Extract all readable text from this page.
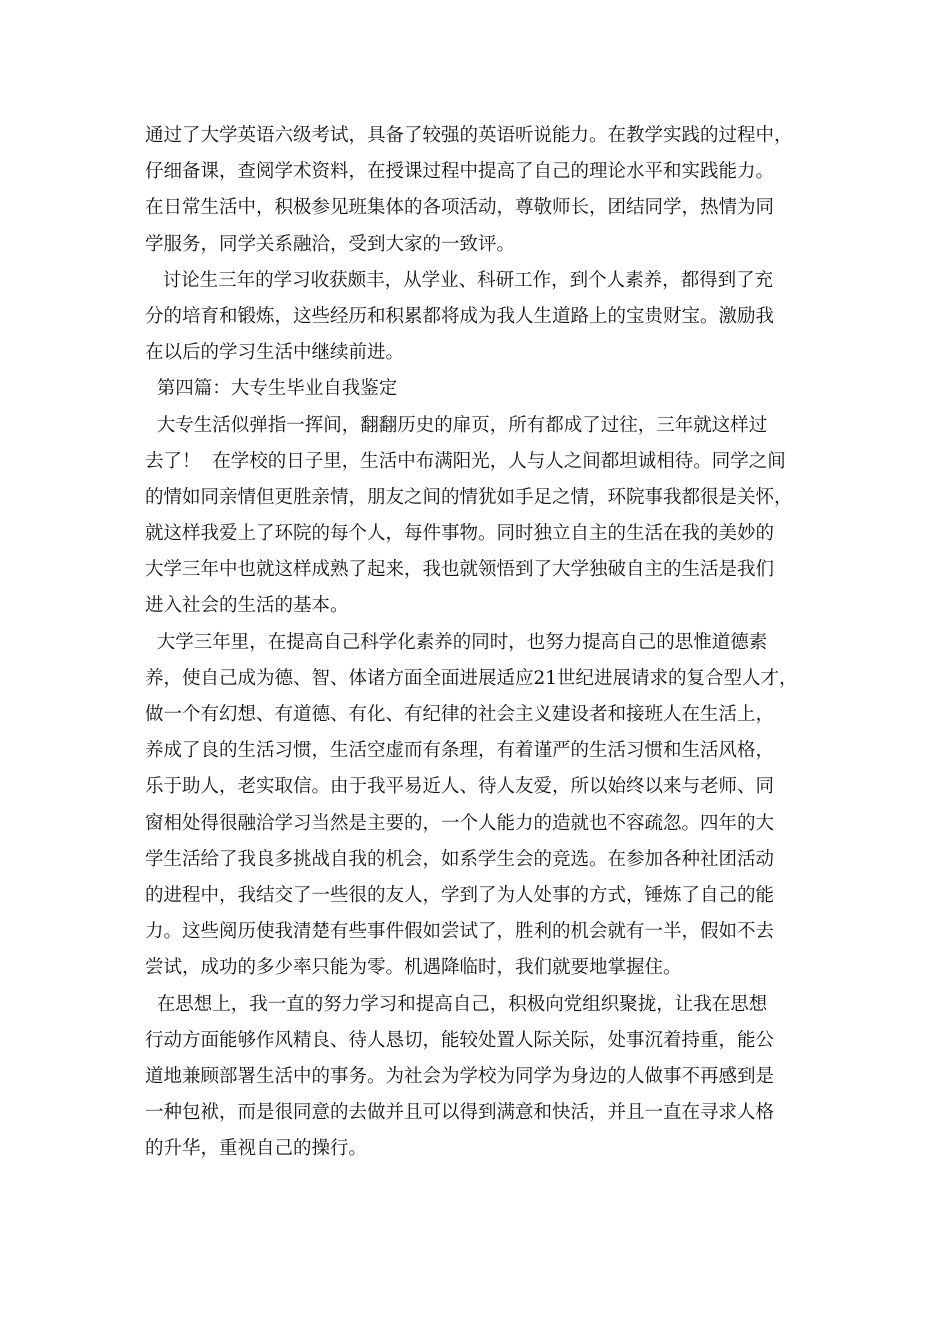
通过了大学英语六级考试，具备了较强的英语听说能力。在教学实践的过程中，
仔细备课，查阅学术资料，在授课过程中提高了自己的理论水平和实践能力。
在日常生活中，积极参见班集体的各项活动，尊敬师长，团结同学，热情为同
学服务，同学关系融洽，受到大家的一致评。
讨论生三年的学习收获颇丰，从学业、科研工作，到个人素养，都得到了充
分的培育和锻炼，这些经历和积累都将成为我人生道路上的宝贵财宝。激励我
在以后的学习生活中继续前进。
第四篇：大专生毕业自我鉴定
大专生活似弹指一挥间，翻翻历史的扉页，所有都成了过往，三年就这样过
去了！  在学校的日子里，生活中布满阳光，人与人之间都坦诚相待。同学之间
的情如同亲情但更胜亲情，朋友之间的情犹如手足之情，环院事我都很是关怀，
就这样我爱上了环院的每个人，每件事物。同时独立自主的生活在我的美妙的
大学三年中也就这样成熟了起来，我也就领悟到了大学独破自主的生活是我们
进入社会的生活的基本。
大学三年里，在提高自己科学化素养的同时，也努力提高自己的思惟道德素
养，使自己成为德、智、体诸方面全面进展适应21世纪进展请求的复合型人才，
做一个有幻想、有道德、有化、有纪律的社会主义建设者和接班人在生活上，
养成了良的生活习惯，生活空虚而有条理，有着谨严的生活习惯和生活风格，
乐于助人，老实取信。由于我平易近人、待人友爱，所以始终以来与老师、同
窗相处得很融洽学习当然是主要的，一个人能力的造就也不容疏忽。四年的大
学生活给了我良多挑战自我的机会，如系学生会的竞选。在参加各种社团活动
的进程中，我结交了一些很的友人，学到了为人处事的方式，锤炼了自己的能
力。这些阅历使我清楚有些事件假如尝试了，胜利的机会就有一半，假如不去
尝试，成功的多少率只能为零。机遇降临时，我们就要地掌握住。
在思想上，我一直的努力学习和提高自己，积极向党组织聚拢，让我在思想
行动方面能够作风精良、待人恳切，能较处置人际关际，处事沉着持重，能公
道地兼顾部署生活中的事务。为社会为学校为同学为身边的人做事不再感到是
一种包袱，而是很同意的去做并且可以得到满意和快活，并且一直在寻求人格
的升华，重视自己的操行。
